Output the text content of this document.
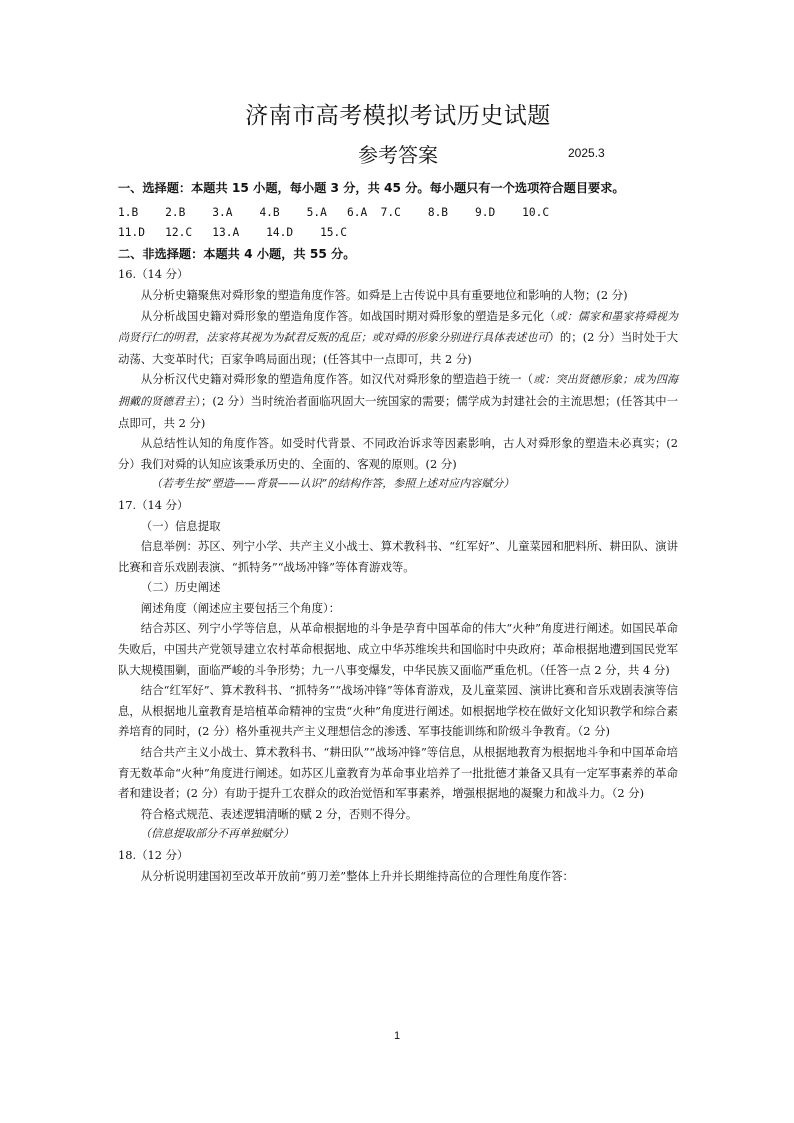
济南市高考模拟考试历史试题
参考答案	2025.3

一、选择题：本题共 15 小题，每小题 3 分，共 45 分。每小题只有一个选项符合题目要求。

1.B    2.B    3.A    4.B    5.A   6.A  7.C    8.B    9.D    10.C
11.D   12.C   13.A    14.D    15.C

二、非选择题：本题共 4 小题，共 55 分。

16.（14 分）

从分析史籍聚焦对舜形象的塑造角度作答。如舜是上古传说中具有重要地位和影响的人物；(2 分)

从分析战国史籍对舜形象的塑造角度作答。如战国时期对舜形象的塑造是多元化（或：儒家和墨家将舜视为尚贤行仁的明君，法家将其视为为弑君反叛的乱臣；或对舜的形象分别进行具体表述也可）的；(2 分）当时处于大动荡、大变革时代；百家争鸣局面出现；(任答其中一点即可，共 2 分)

从分析汉代史籍对舜形象的塑造角度作答。如汉代对舜形象的塑造趋于统一（或：突出贤德形象；成为四海拥戴的贤德君主）；(2 分）当时统治者面临巩固大一统国家的需要；儒学成为封建社会的主流思想；(任答其中一点即可，共 2 分)

从总结性认知的角度作答。如受时代背景、不同政治诉求等因素影响，古人对舜形象的塑造未必真实；(2 分）我们对舜的认知应该秉承历史的、全面的、客观的原则。(2 分)

（若考生按“塑造——背景——认识”的结构作答，参照上述对应内容赋分）

17.（14 分）

（一）信息提取

信息举例：苏区、列宁小学、共产主义小战士、算术教科书、“红军好”、儿童菜园和肥料所、耕田队、演讲比赛和音乐戏剧表演、“抓特务”“战场冲锋”等体育游戏等。

（二）历史阐述

阐述角度（阐述应主要包括三个角度）：

结合苏区、列宁小学等信息，从革命根据地的斗争是孕育中国革命的伟大“火种”角度进行阐述。如国民革命失败后，中国共产党领导建立农村革命根据地、成立中华苏维埃共和国临时中央政府；革命根据地遭到国民党军队大规模围剿，面临严峻的斗争形势；九一八事变爆发，中华民族又面临严重危机。（任答一点 2 分，共 4 分)

结合“红军好”、算术教科书、“抓特务”“战场冲锋”等体育游戏，及儿童菜园、演讲比赛和音乐戏剧表演等信息，从根据地儿童教育是培植革命精神的宝贵“火种”角度进行阐述。如根据地学校在做好文化知识教学和综合素养培育的同时，(2 分）格外重视共产主义理想信念的渗透、军事技能训练和阶级斗争教育。（2 分)

结合共产主义小战士、算术教科书、“耕田队”“战场冲锋”等信息，从根据地教育为根据地斗争和中国革命培育无数革命“火种”角度进行阐述。如苏区儿童教育为革命事业培养了一批批德才兼备又具有一定军事素养的革命者和建设者；(2 分）有助于提升工农群众的政治觉悟和军事素养，增强根据地的凝聚力和战斗力。（2 分)

符合格式规范、表述逻辑清晰的赋 2 分，否则不得分。

（信息提取部分不再单独赋分）

18.（12 分）

从分析说明建国初至改革开放前“剪刀差”整体上升并长期维持高位的合理性角度作答：

1
